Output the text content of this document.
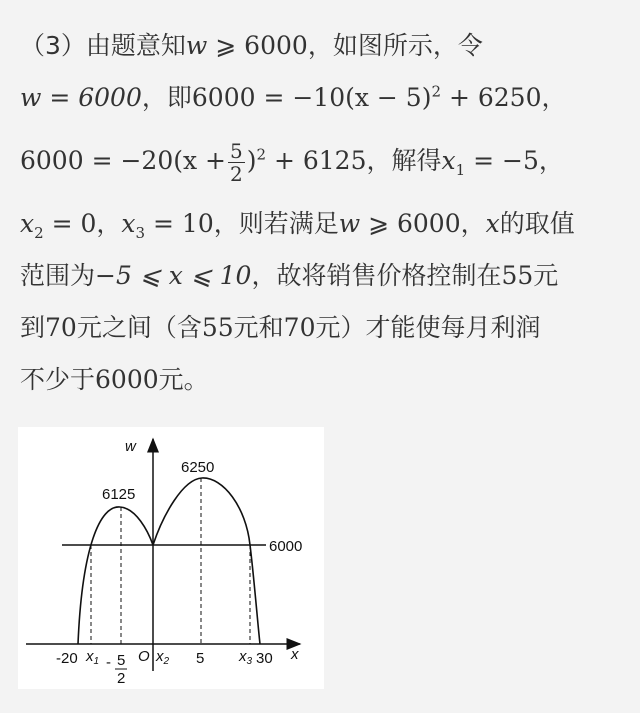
（3）由题意知w ⩾ 6000，如图所示，令
w = 6000，即$6000 = -10(x - 5)^2 + 6250$，
$6000 = -20(x + \frac{5}{2} )^2 + 6125$，解得$x_1 = -5$，
$x_2 = 0$，$x_3 = 10$，则若满足w ⩾ 6000，x的取值
范围为−5 ⩽ x ⩽ 10，故将销售价格控制在55元
到70元之间（含55元和70元）才能使每月利润
不少于6000元。
w
x
6250
6125
6000
-20 $x_1 - 5$
2
O $x_2$ 5 $x_3$ 30
